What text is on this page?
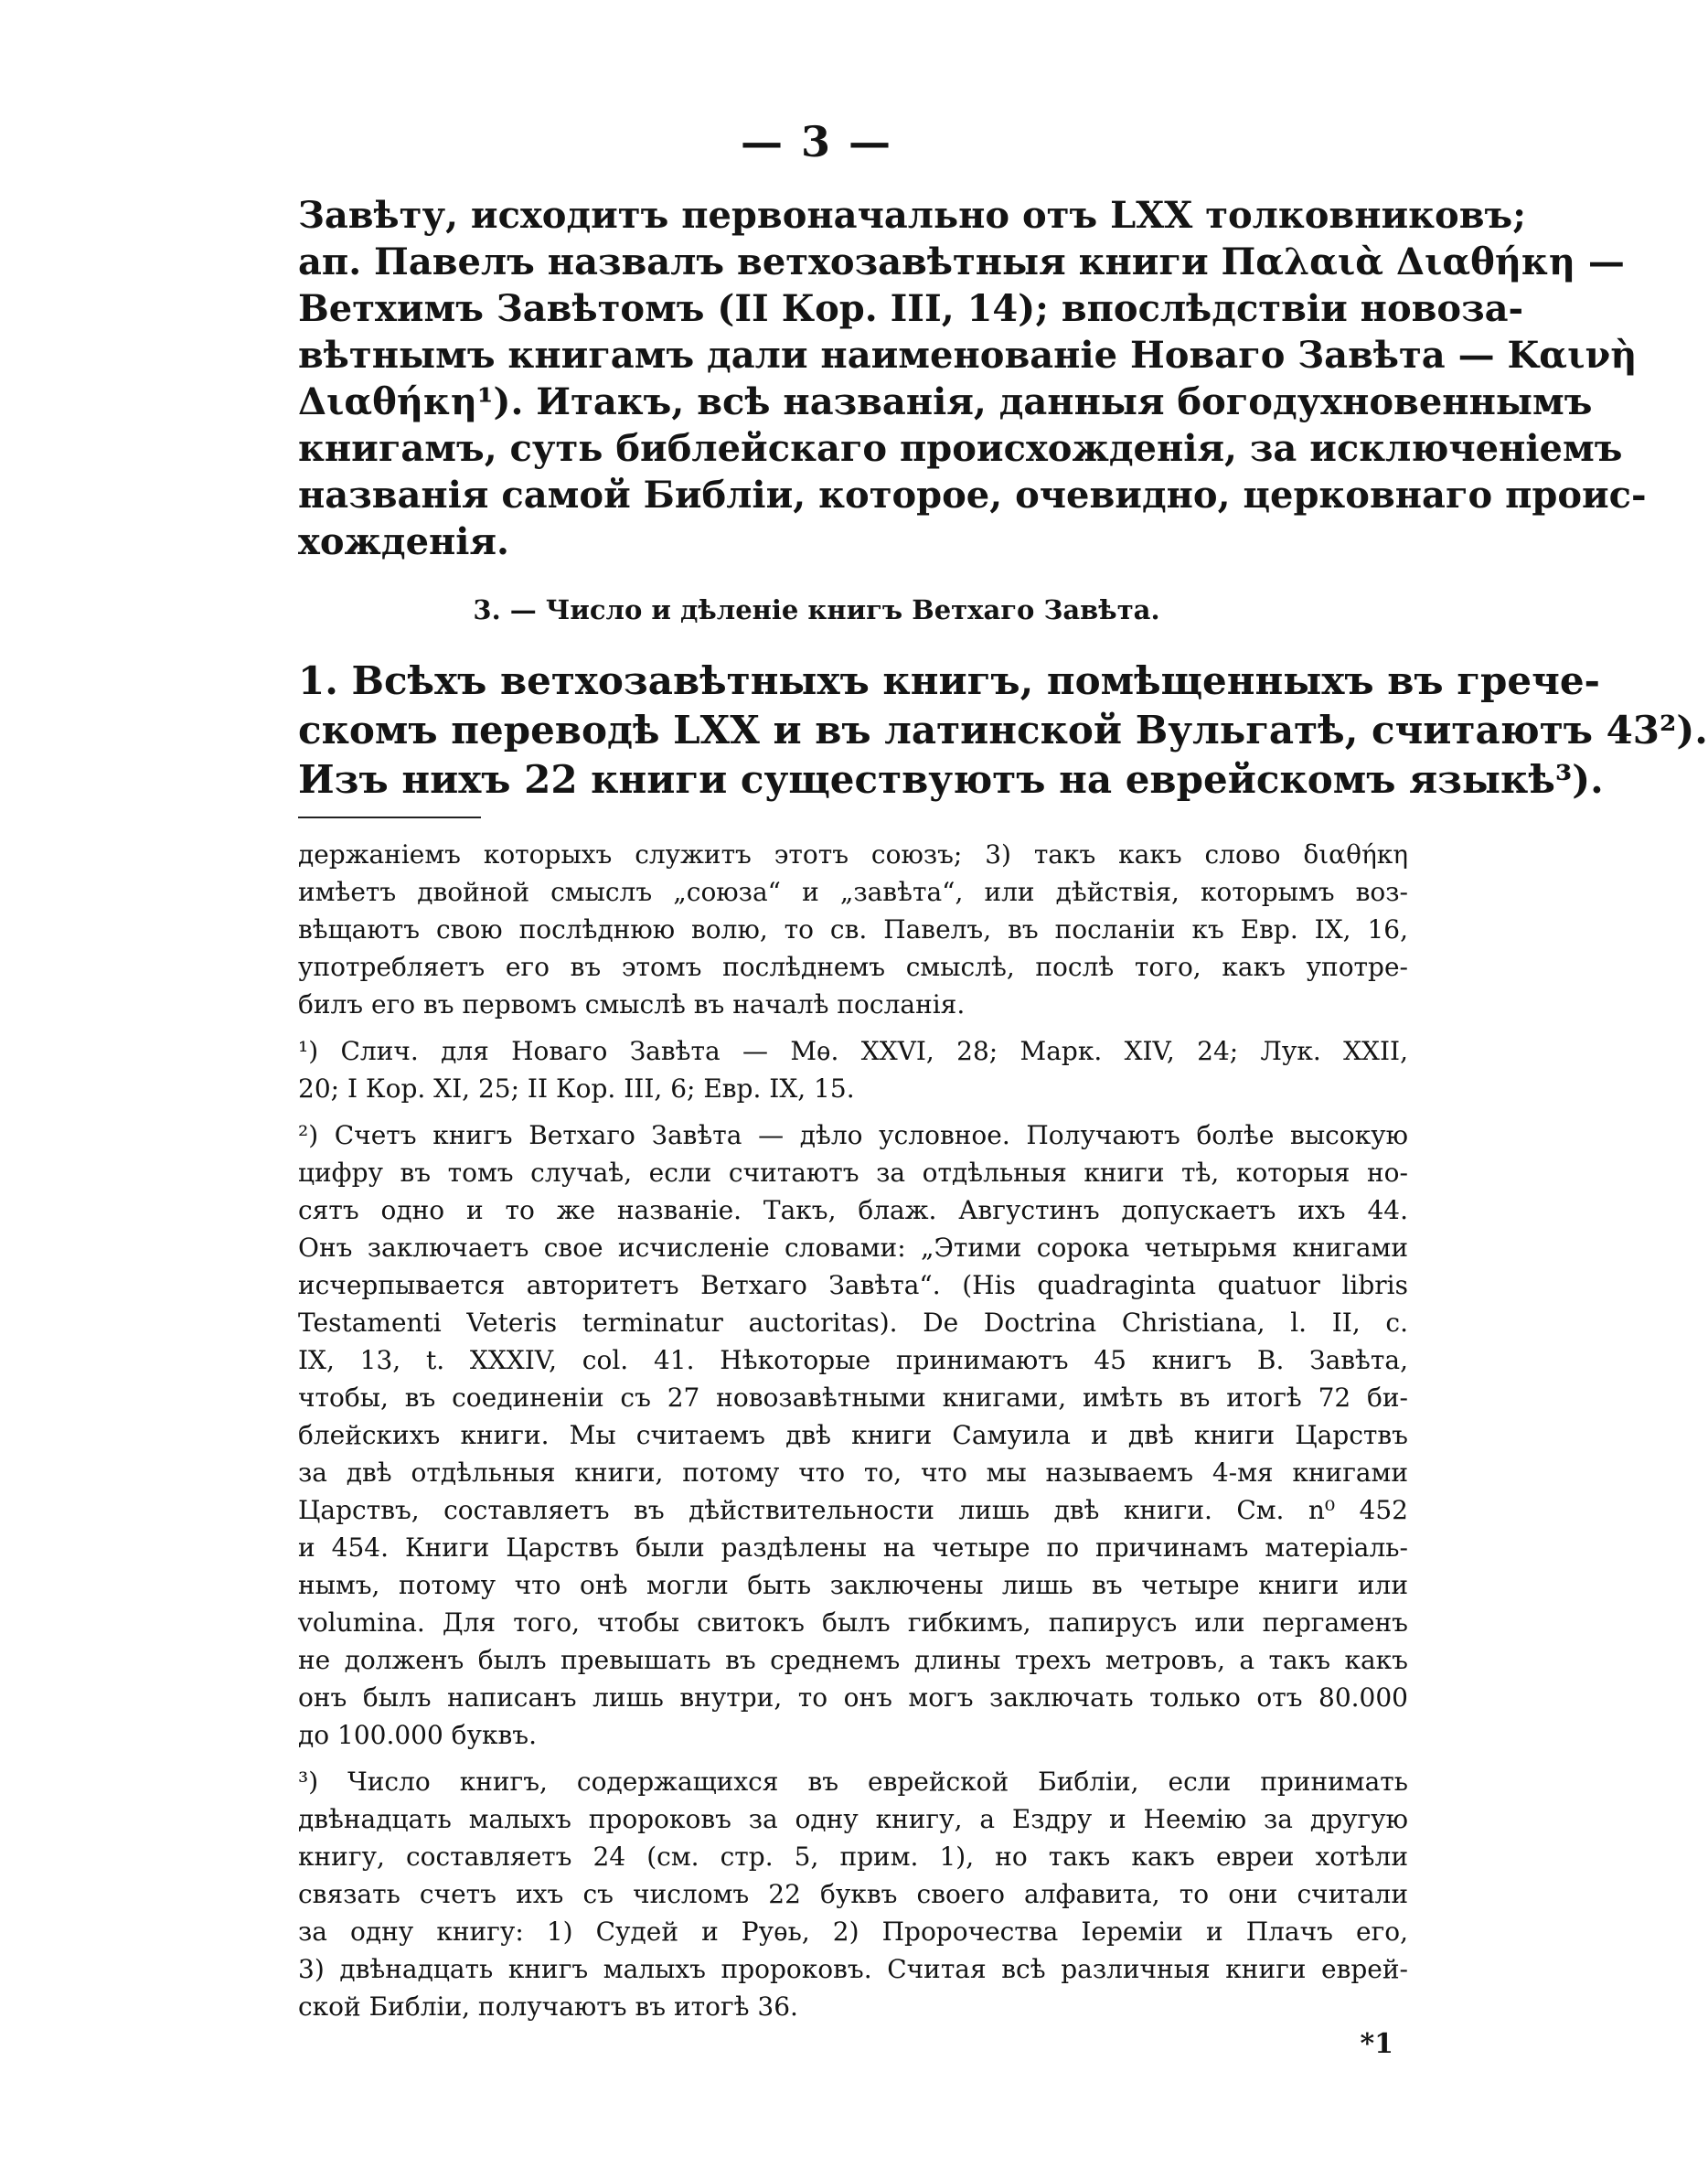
— 3 —
Завѣту, исходитъ первоначально отъ LXX толковниковъ;
ап. Павелъ назвалъ ветхозавѣтныя книги Παλαιὰ Διαθήκη —
Ветхимъ Завѣтомъ (II Кор. III, 14); впослѣдствіи новоза-
вѣтнымъ книгамъ дали наименованіе Новаго Завѣта — Καινὴ
Διαθήκη¹). Итакъ, всѣ названія, данныя богодухновеннымъ
книгамъ, суть библейскаго происхожденія, за исключеніемъ
названія самой Библіи, которое, очевидно, церковнаго проис-
хожденія.
3. — Число и дѣленіе книгъ Ветхаго Завѣта.
1. Всѣхъ ветхозавѣтныхъ книгъ, помѣщенныхъ въ грече-
скомъ переводѣ LXX и въ латинской Вульгатѣ, считаютъ 43²).
Изъ нихъ 22 книги существуютъ на еврейскомъ языкѣ³).
держаніемъ которыхъ служитъ этотъ союзъ; 3) такъ какъ слово διαθήκη
имѣетъ двойной смыслъ „союза“ и „завѣта“, или дѣйствія, которымъ воз-
вѣщаютъ свою послѣднюю волю, то св. Павелъ, въ посланіи къ Евр. IX, 16,
употребляетъ его въ этомъ послѣднемъ смыслѣ, послѣ того, какъ употре-
билъ его въ первомъ смыслѣ въ началѣ посланія.
¹) Слич. для Новаго Завѣта — Мѳ. XXVI, 28; Марк. XIV, 24; Лук. XXII,
20; I Кор. XI, 25; II Кор. III, 6; Евр. IX, 15.
²) Счетъ книгъ Ветхаго Завѣта — дѣло условное. Получаютъ болѣе высокую
цифру въ томъ случаѣ, если считаютъ за отдѣльныя книги тѣ, которыя но-
сятъ одно и то же названіе. Такъ, блаж. Августинъ допускаетъ ихъ 44.
Онъ заключаетъ свое исчисленіе словами: „Этими сорока четырьмя книгами
исчерпывается авторитетъ Ветхаго Завѣта“. (His quadraginta quatuor libris
Testamenti Veteris terminatur auctoritas). De Doctrina Christiana, l. II, c.
IX, 13, t. XXXIV, col. 41. Нѣкоторые принимаютъ 45 книгъ В. Завѣта,
чтобы, въ соединеніи съ 27 новозавѣтными книгами, имѣть въ итогѣ 72 би-
блейскихъ книги. Мы считаемъ двѣ книги Самуила и двѣ книги Царствъ
за двѣ отдѣльныя книги, потому что то, что мы называемъ 4-мя книгами
Царствъ, составляетъ въ дѣйствительности лишь двѣ книги. См. n⁰ 452
и 454. Книги Царствъ были раздѣлены на четыре по причинамъ матеріаль-
нымъ, потому что онѣ могли быть заключены лишь въ четыре книги или
volumina. Для того, чтобы свитокъ былъ гибкимъ, папирусъ или пергаменъ
не долженъ былъ превышать въ среднемъ длины трехъ метровъ, а такъ какъ
онъ былъ написанъ лишь внутри, то онъ могъ заключать только отъ 80.000
до 100.000 буквъ.
³) Число книгъ, содержащихся въ еврейской Библіи, если принимать
двѣнадцать малыхъ пророковъ за одну книгу, а Ездру и Неемію за другую
книгу, составляетъ 24 (см. стр. 5, прим. 1), но такъ какъ евреи хотѣли
связать счетъ ихъ съ числомъ 22 буквъ своего алфавита, то они считали
за одну книгу: 1) Судей и Руѳь, 2) Пророчества Іереміи и Плачъ его,
3) двѣнадцать книгъ малыхъ пророковъ. Считая всѣ различныя книги еврей-
ской Библіи, получаютъ въ итогѣ 36.
*1
